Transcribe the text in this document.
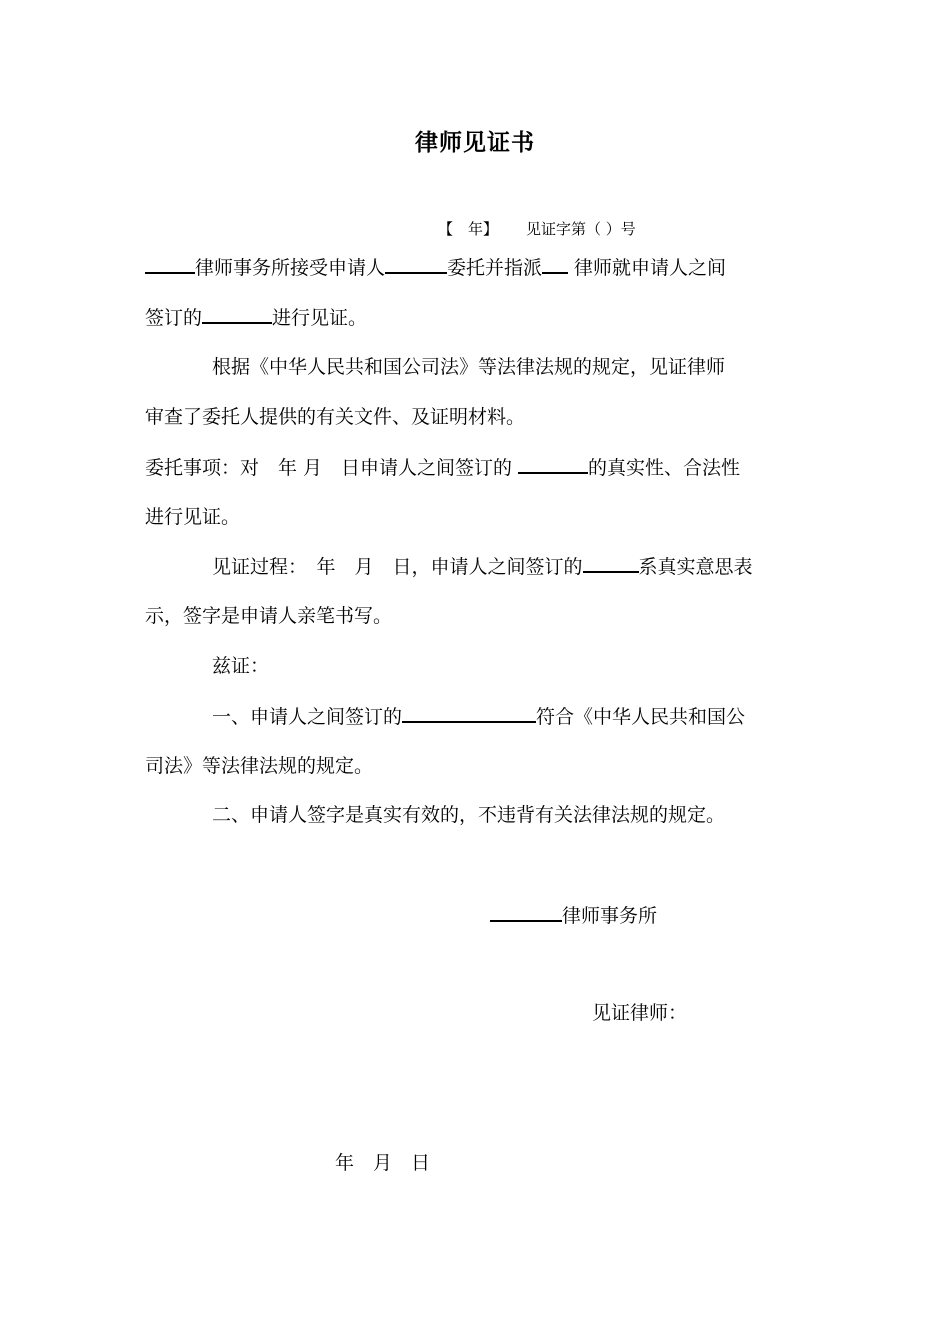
律师见证书
【　年】 见证字第（ ）号
律师事务所接受申请人	委托并指派 律师就申请人之间
签订的	进行见证。
根据《中华人民共和国公司法》等法律法规的规定，见证律师
审查了委托人提供的有关文件、及证明材料。
委托事项：对　年 月　日申请人之间签订的	的真实性、合法性
进行见证。
见证过程：　年　月　日，申请人之间签订的	系真实意思表
示，签字是申请人亲笔书写。
兹证：
一、申请人之间签订的	符合《中华人民共和国公
司法》等法律法规的规定。
二、申请人签字是真实有效的，不违背有关法律法规的规定。
律师事务所
见证律师：
年　月　日
